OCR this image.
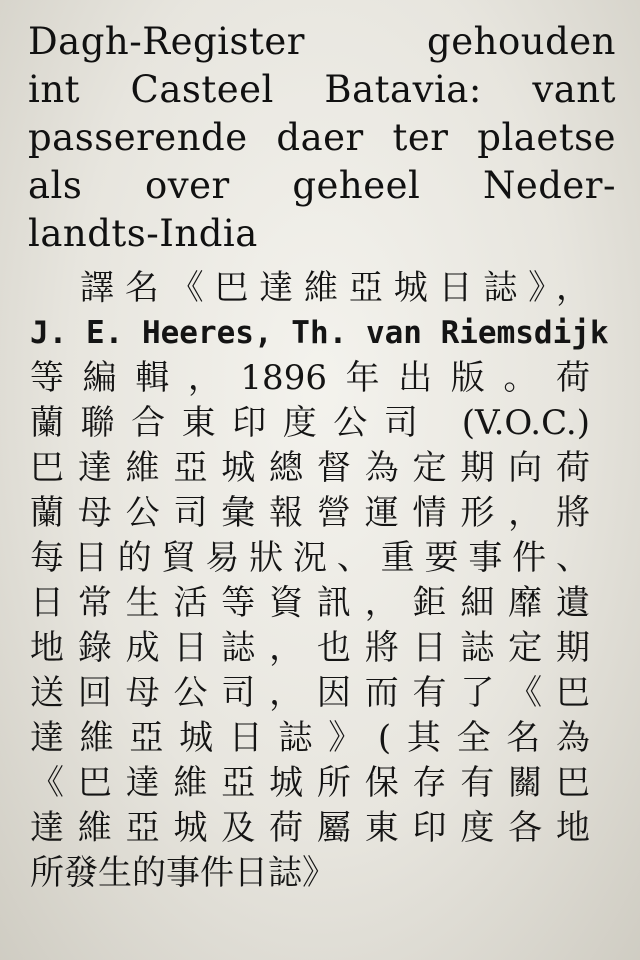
Dagh-Register gehouden
int Casteel Batavia: vant
passerende daer ter plaetse
als over geheel Neder-
landts-India
譯名《巴達維亞城日誌》，
J. E. Heeres, Th. van Riemsdijk
等編輯，1896年出版。荷
蘭聯合東印度公司 (V.O.C.)
巴達維亞城總督為定期向荷
蘭母公司彙報營運情形，將
每日的貿易狀況、重要事件、
日常生活等資訊，鉅細靡遺
地錄成日誌，也將日誌定期
送回母公司，因而有了《巴
達維亞城日誌》(其全名為
《巴達維亞城所保存有關巴
達維亞城及荷屬東印度各地
所發生的事件日誌》
